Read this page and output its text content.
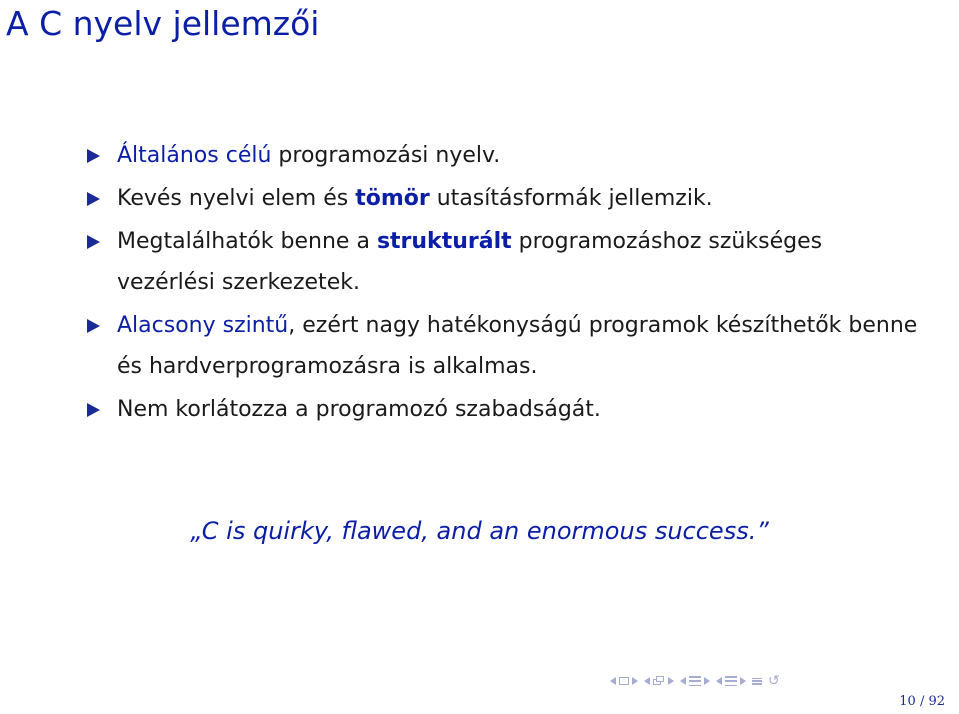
A C nyelv jellemzői
Általános célú programozási nyelv.
Kevés nyelvi elem és tömör utasításformák jellemzik.
Megtalálhatók benne a strukturált programozáshoz szükséges vezérlési szerkezetek.
Alacsony szintű, ezért nagy hatékonyságú programok készíthetők benne és hardverprogramozásra is alkalmas.
Nem korlátozza a programozó szabadságát.
„C is quirky, flawed, and an enormous success.”
↺
10 / 92
